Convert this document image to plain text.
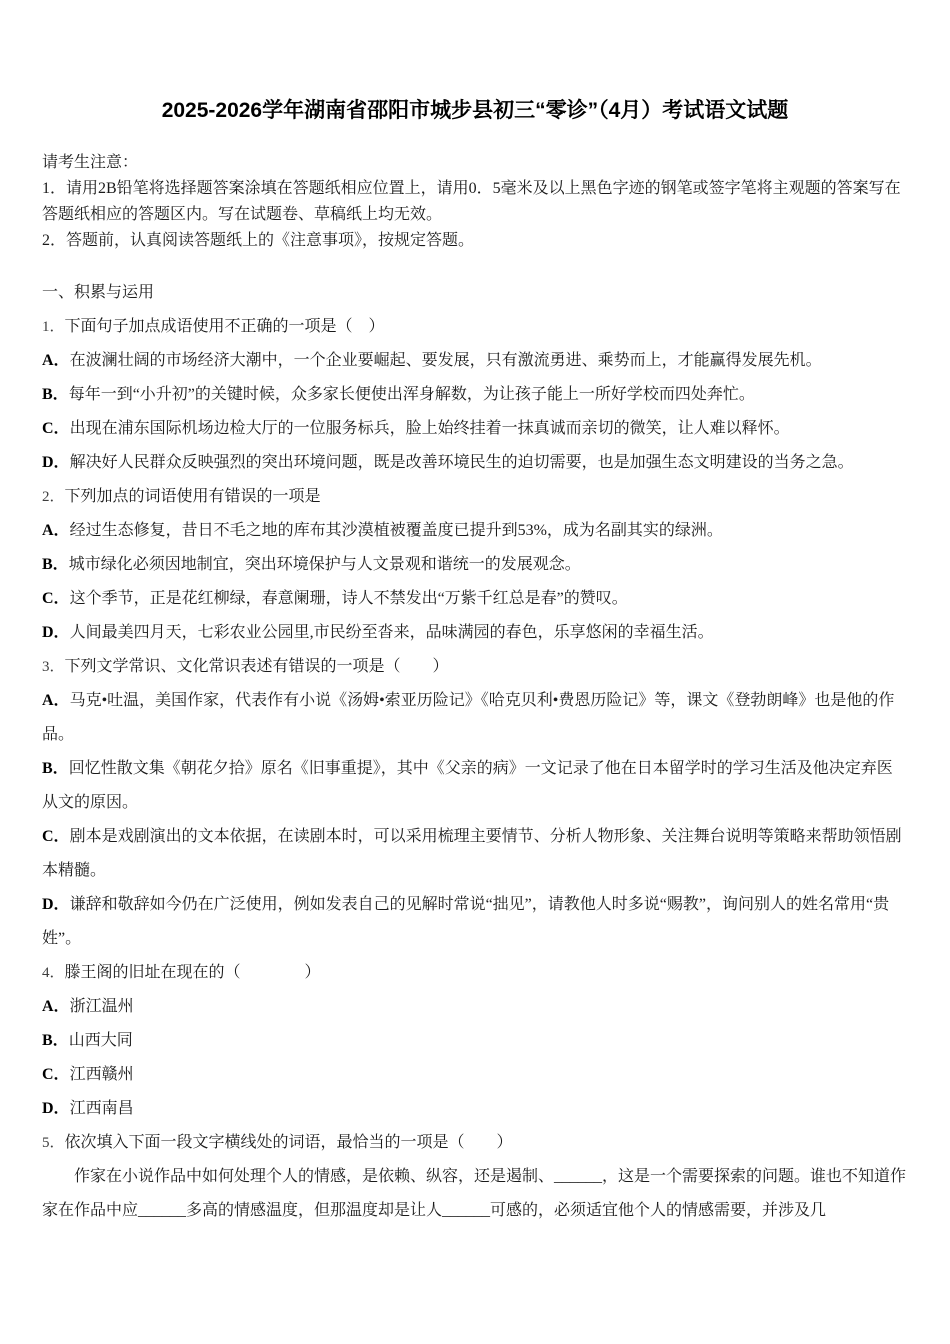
2025-2026学年湖南省邵阳市城步县初三“零诊”（4月）考试语文试题

请考生注意：

1．请用2B铅笔将选择题答案涂填在答题纸相应位置上，请用0．5毫米及以上黑色字迹的钢笔或签字笔将主观题的答案写在答题纸相应的答题区内。写在试题卷、草稿纸上均无效。

2．答题前，认真阅读答题纸上的《注意事项》，按规定答题。

一、积累与运用

1．下面句子加点成语使用不正确的一项是（　）

A．在波澜壮阔的市场经济大潮中，一个企业要崛起、要发展，只有激流勇进、乘势而上，才能赢得发展先机。

B．每年一到“小升初”的关键时候，众多家长便使出浑身解数，为让孩子能上一所好学校而四处奔忙。

C．出现在浦东国际机场边检大厅的一位服务标兵，脸上始终挂着一抹真诚而亲切的微笑，让人难以释怀。

D．解决好人民群众反映强烈的突出环境问题，既是改善环境民生的迫切需要，也是加强生态文明建设的当务之急。

2．下列加点的词语使用有错误的一项是

A．经过生态修复，昔日不毛之地的库布其沙漠植被覆盖度已提升到53%，成为名副其实的绿洲。

B．城市绿化必须因地制宜，突出环境保护与人文景观和谐统一的发展观念。

C．这个季节，正是花红柳绿，春意阑珊，诗人不禁发出“万紫千红总是春”的赞叹。

D．人间最美四月天，七彩农业公园里,市民纷至沓来，品味满园的春色，乐享悠闲的幸福生活。

3．下列文学常识、文化常识表述有错误的一项是（　　）

A．马克•吐温，美国作家，代表作有小说《汤姆•索亚历险记》《哈克贝利•费恩历险记》等，课文《登勃朗峰》也是他的作品。

B．回忆性散文集《朝花夕拾》原名《旧事重提》，其中《父亲的病》一文记录了他在日本留学时的学习生活及他决定弃医从文的原因。

C．剧本是戏剧演出的文本依据，在读剧本时，可以采用梳理主要情节、分析人物形象、关注舞台说明等策略来帮助领悟剧本精髓。

D．谦辞和敬辞如今仍在广泛使用，例如发表自己的见解时常说“拙见”，请教他人时多说“赐教”，询问别人的姓名常用“贵姓”。

4．滕王阁的旧址在现在的（　　　　）

A．浙江温州

B．山西大同

C．江西赣州

D．江西南昌

5．依次填入下面一段文字横线处的词语，最恰当的一项是（　　）

作家在小说作品中如何处理个人的情感，是依赖、纵容，还是遏制、______，这是一个需要探索的问题。谁也不知道作家在作品中应______多高的情感温度，但那温度却是让人______可感的，必须适宜他个人的情感需要，并涉及几
